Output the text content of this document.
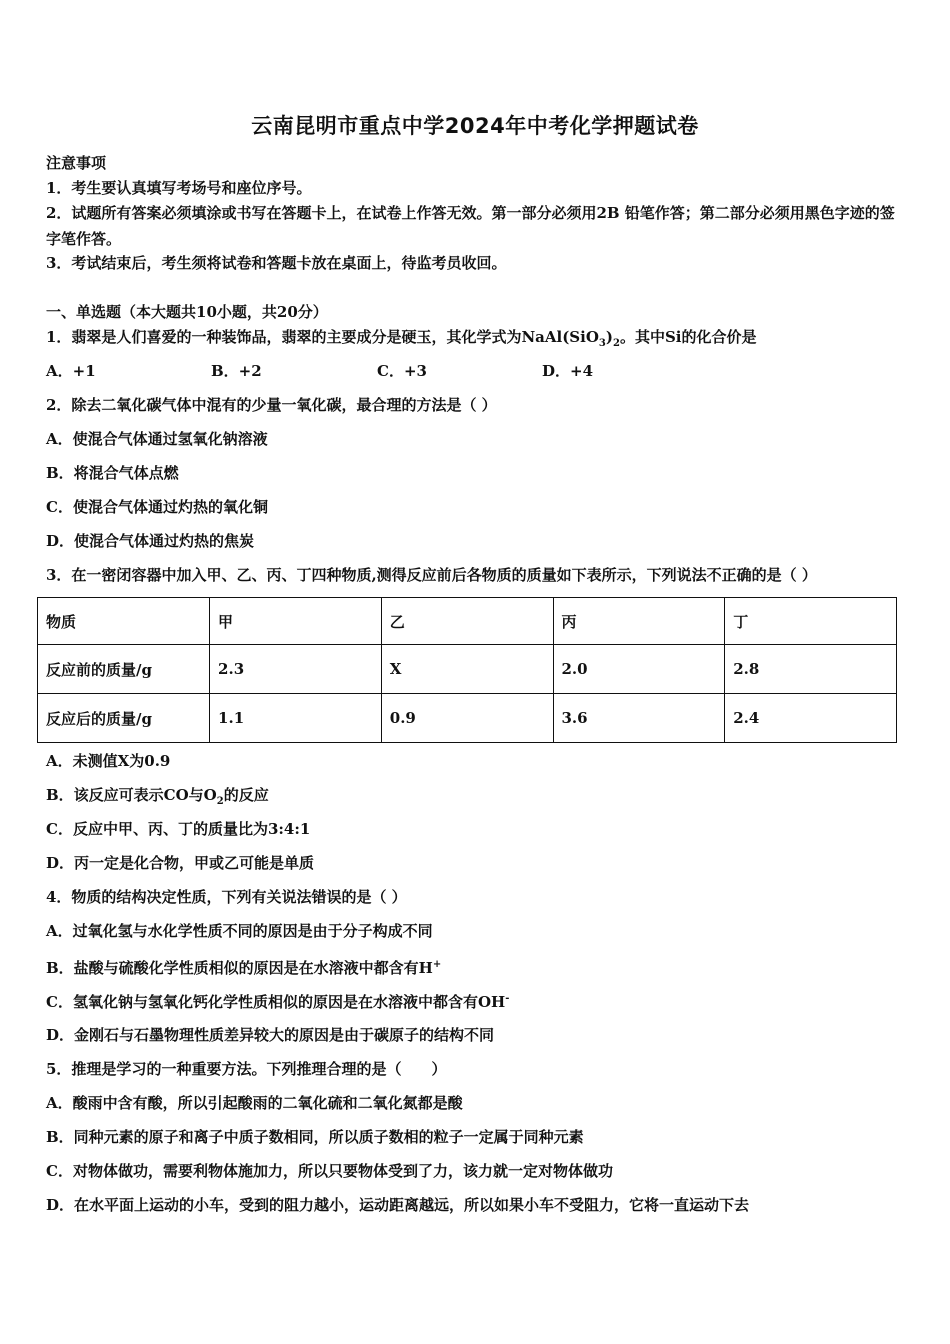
云南昆明市重点中学2024年中考化学押题试卷
注意事项
1．考生要认真填写考场号和座位序号。
2．试题所有答案必须填涂或书写在答题卡上，在试卷上作答无效。第一部分必须用2B 铅笔作答；第二部分必须用黑色字迹的签字笔作答。
3．考试结束后，考生须将试卷和答题卡放在桌面上，待监考员收回。
一、单选题（本大题共10小题，共20分）
1．翡翠是人们喜爱的一种装饰品，翡翠的主要成分是硬玉，其化学式为$NaAl(SiO_3)_2$。其中Si的化合价是
A．+1	B．+2	C．+3	D．+4
2．除去二氧化碳气体中混有的少量一氧化碳，最合理的方法是（ ）
A．使混合气体通过氢氧化钠溶液
B．将混合气体点燃
C．使混合气体通过灼热的氧化铜
D．使混合气体通过灼热的焦炭
3．在一密闭容器中加入甲、乙、丙、丁四种物质,测得反应前后各物质的质量如下表所示，下列说法不正确的是（ ）
物质	甲	乙	丙	丁
反应前的质量/g	2.3	X	2.0	2.8
反应后的质量/g	1.1	0.9	3.6	2.4
A．未测值X为0.9
B．该反应可表示CO与$O_2$的反应
C．反应中甲、丙、丁的质量比为3:4:1
D．丙一定是化合物，甲或乙可能是单质
4．物质的结构决定性质，下列有关说法错误的是（ ）
A．过氧化氢与水化学性质不同的原因是由于分子构成不同
B．盐酸与硫酸化学性质相似的原因是在水溶液中都含有H+
C．氢氧化钠与氢氧化钙化学性质相似的原因是在水溶液中都含有OH-
D．金刚石与石墨物理性质差异较大的原因是由于碳原子的结构不同
5．推理是学习的一种重要方法。下列推理合理的是（　　）
A．酸雨中含有酸，所以引起酸雨的二氧化硫和二氧化氮都是酸
B．同种元素的原子和离子中质子数相同，所以质子数相的粒子一定属于同种元素
C．对物体做功，需要利物体施加力，所以只要物体受到了力，该力就一定对物体做功
D．在水平面上运动的小车，受到的阻力越小，运动距离越远，所以如果小车不受阻力，它将一直运动下去
